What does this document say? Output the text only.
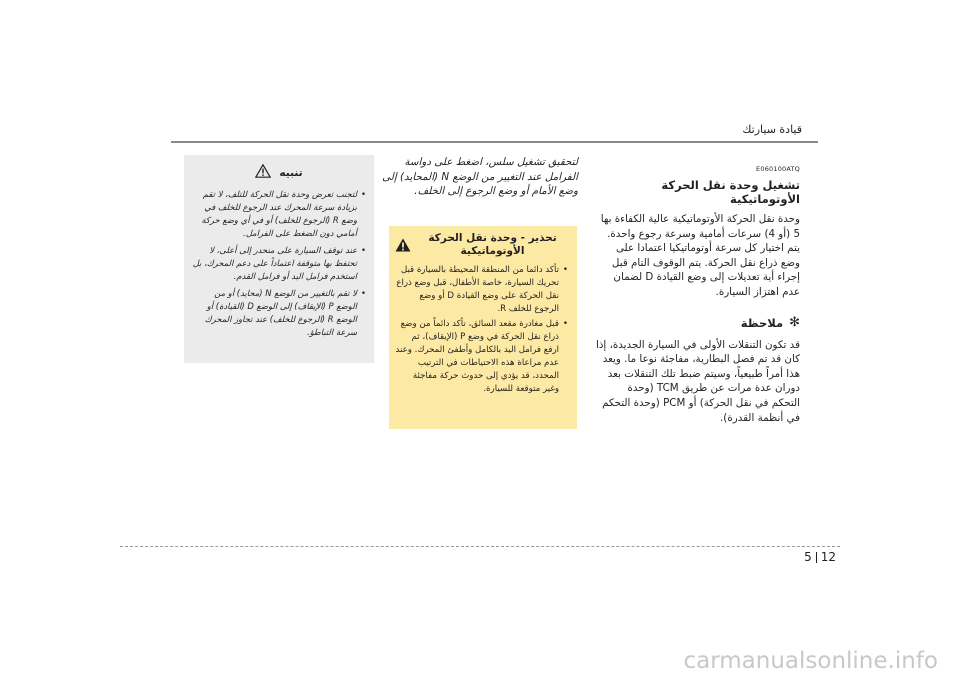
قيادة سيارتك
E060100ATQ
تشغيل وحدة نقل الحركة الأوتوماتيكية

وحدة نقل الحركة الأوتوماتيكية عالية الكفاءة بها 5 (أو 4) سرعات أمامية وسرعة رجوع واحدة. يتم اختيار كل سرعة أوتوماتيكيا اعتمادا على وضع ذراع نقل الحركة. يتم الوقوف التام قبل إجراء أية تعديلات إلى وضع القيادة D لضمان عدم اهتزاز السيارة.

✻
ملاحظة

قد تكون التنقلات الأولى في السيارة الجديدة، إذا كان قد تم فصل البطارية، مفاجئة نوعا ما. ويعد هذا أمراً طبيعياً، وسيتم ضبط تلك التنقلات بعد دوران عدة مرات عن طريق TCM (وحدة التحكم في نقل الحركة) أو PCM (وحدة التحكم في أنظمة القدرة).

لتحقيق تشغيل سلس، اضغط على دواسة الفرامل عند التغيير من الوضع N (المحايد) إلى وضع الأمام أو وضع الرجوع إلى الخلف.

تحذير - وحدة نقل الحركة الأوتوماتيكية
• تأكد دائما من المنطقة المحيطة بالسيارة قبل تحريك السيارة، خاصة الأطفال، قبل وضع ذراع نقل الحركة على وضع القيادة D أو وضع الرجوع للخلف R.
• قبل مغادرة مقعد السائق، تأكد دائماً من وضع ذراع نقل الحركة في وضع P (الإيقاف)، ثم ارفع فرامل اليد بالكامل وأطفئ المحرك. وعند عدم مراعاة هذه الاحتياطات في الترتيب المحدد، قد يؤدي إلى حدوث حركة مفاجئة وغير متوقعة للسيارة.
تنبيه
• لتجنب تعرض وحدة نقل الحركة للتلف، لا تقم بزيادة سرعة المحرك عند الرجوع للخلف في وضع R (الرجوع للخلف) أو في أي وضع حركة أمامي دون الضغط على الفرامل.
• عند توقف السيارة على منحدر إلى أعلى، لا تحتفظ بها متوقفة اعتماداً على دعم المحرك، بل استخدم فرامل اليد أو فرامل القدم.
• لا تقم بالتغيير من الوضع N (محايد) أو من الوضع P (الإيقاف) إلى الوضع D (القيادة) أو الوضع R (الرجوع للخلف) عند تجاوز المحرك سرعة التباطؤ.
5 12
carmanualsonline.info
